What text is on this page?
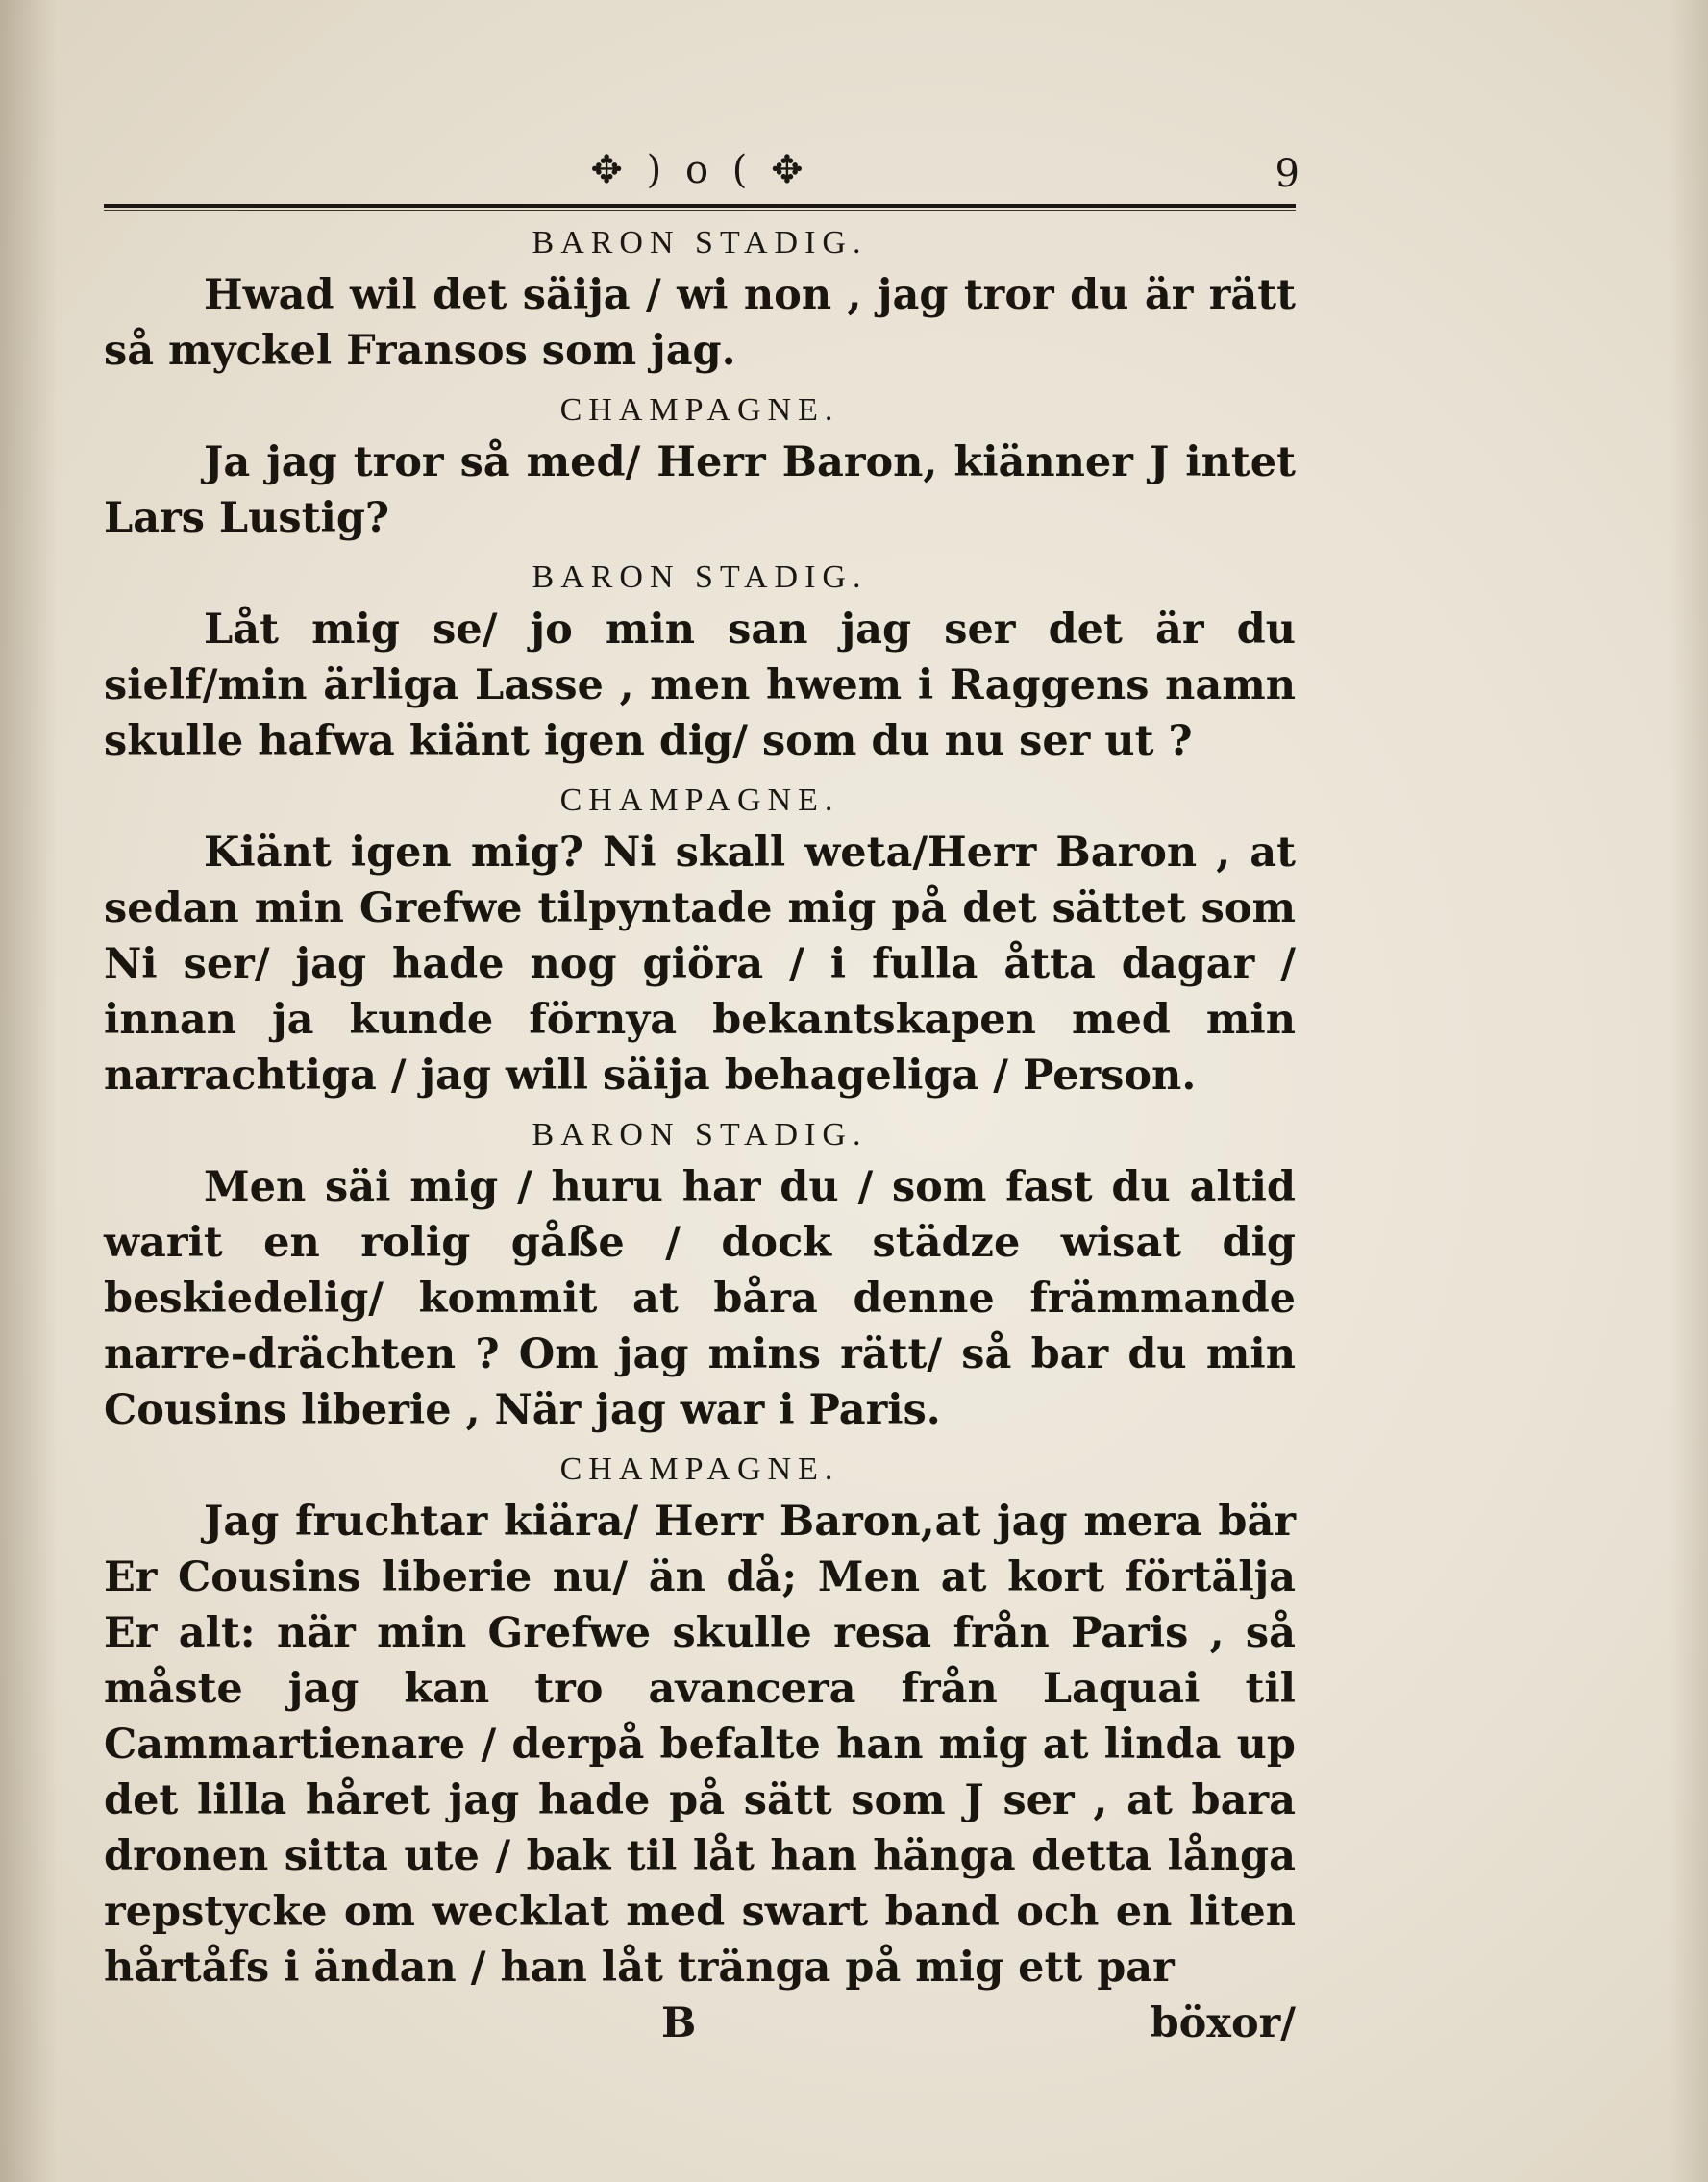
✥ ) o ( ✥	9
BARON STADIG.

Hwad wil det säija / wi non , jag tror du är rätt så myckel Fransos som jag.

CHAMPAGNE.

Ja jag tror så med/ Herr Baron, kiänner J intet Lars Lustig?

BARON STADIG.

Låt mig se/ jo min san jag ser det är du sielf/min ärliga Lasse , men hwem i Raggens namn skulle hafwa kiänt igen dig/ som du nu ser ut ?

CHAMPAGNE.

Kiänt igen mig? Ni skall weta/Herr Baron , at sedan min Grefwe tilpyntade mig på det sättet som Ni ser/ jag hade nog giöra / i fulla åtta dagar / innan ja kunde förnya bekantskapen med min narrachtiga / jag will säija behageliga / Person.

BARON STADIG.

Men säi mig / huru har du / som fast du altid warit en rolig gåße / dock städze wisat dig beskiedelig/ kommit at båra denne främmande narre-drächten ? Om jag mins rätt/ så bar du min Cousins liberie , När jag war i Paris.

CHAMPAGNE.

Jag fruchtar kiära/ Herr Baron,at jag mera bär Er Cousins liberie nu/ än då; Men at kort förtälja Er alt: när min Grefwe skulle resa från Paris , så måste jag kan tro avancera från Laquai til Cammartienare / derpå befalte han mig at linda up det lilla håret jag hade på sätt som J ser , at bara dronen sitta ute / bak til låt han hänga detta långa repstycke om wecklat med swart band och en liten hårtåfs i ändan / han låt tränga på mig ett par

B	böxor/
